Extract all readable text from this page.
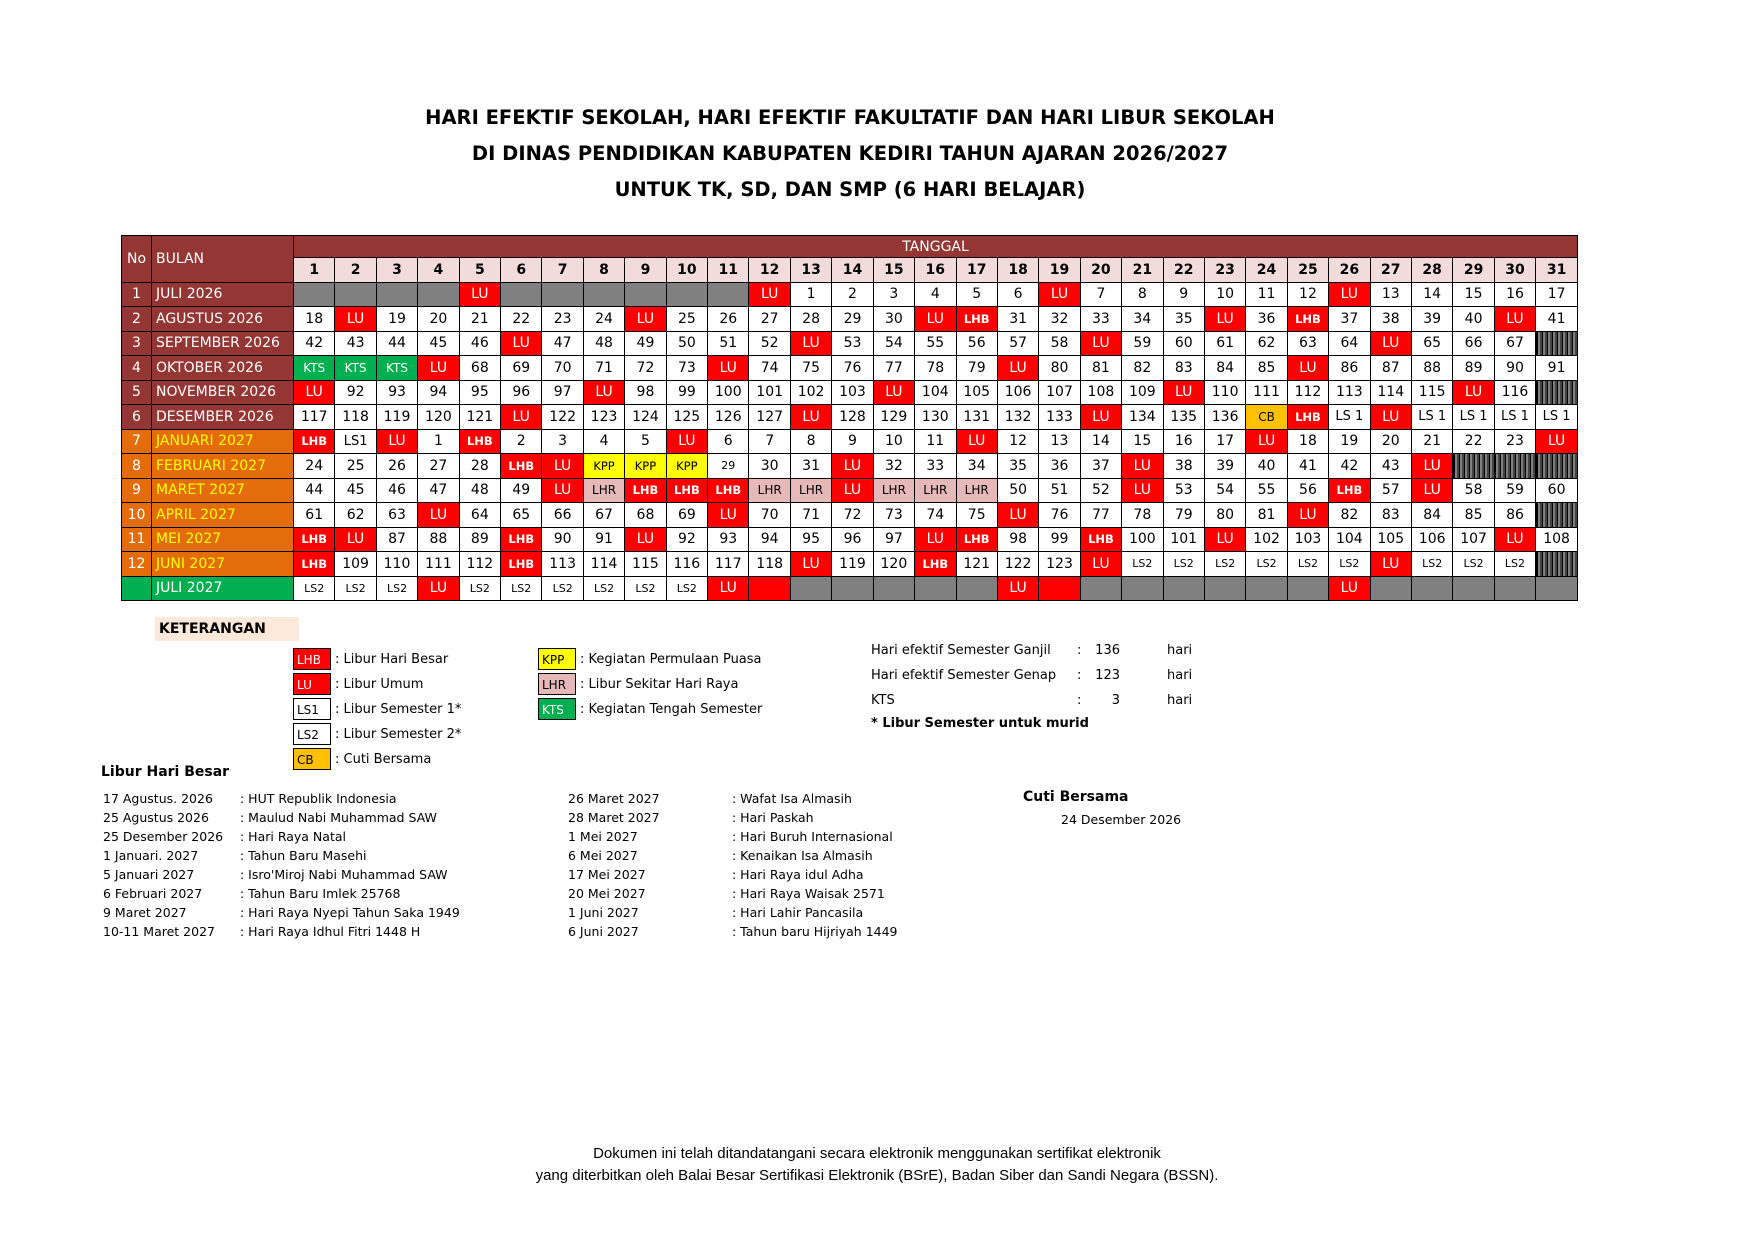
HARI EFEKTIF SEKOLAH, HARI EFEKTIF FAKULTATIF DAN HARI LIBUR SEKOLAH
DI DINAS PENDIDIKAN KABUPATEN KEDIRI TAHUN AJARAN 2026/2027
UNTUK TK, SD, DAN SMP (6 HARI BELAJAR)
No	BULAN	TANGGAL																														
		1	2	3	4	5	6	7	8	9	10	11	12	13	14	15	16	17	18	19	20	21	22	23	24	25	26	27	28	29	30	31
1	JULI 2026					LU							LU	1	2	3	4	5	6	LU	7	8	9	10	11	12	LU	13	14	15	16	17
2	AGUSTUS 2026	18	LU	19	20	21	22	23	24	LU	25	26	27	28	29	30	LU	LHB	31	32	33	34	35	LU	36	LHB	37	38	39	40	LU	41
3	SEPTEMBER 2026	42	43	44	45	46	LU	47	48	49	50	51	52	LU	53	54	55	56	57	58	LU	59	60	61	62	63	64	LU	65	66	67	
4	OKTOBER 2026	KTS	KTS	KTS	LU	68	69	70	71	72	73	LU	74	75	76	77	78	79	LU	80	81	82	83	84	85	LU	86	87	88	89	90	91
5	NOVEMBER 2026	LU	92	93	94	95	96	97	LU	98	99	100	101	102	103	LU	104	105	106	107	108	109	LU	110	111	112	113	114	115	LU	116	
6	DESEMBER 2026	117	118	119	120	121	LU	122	123	124	125	126	127	LU	128	129	130	131	132	133	LU	134	135	136	CB	LHB	LS 1	LU	LS 1	LS 1	LS 1	LS 1
7	JANUARI 2027	LHB	LS1	LU	1	LHB	2	3	4	5	LU	6	7	8	9	10	11	LU	12	13	14	15	16	17	LU	18	19	20	21	22	23	LU
8	FEBRUARI 2027	24	25	26	27	28	LHB	LU	KPP	KPP	KPP	29	30	31	LU	32	33	34	35	36	37	LU	38	39	40	41	42	43	LU			
9	MARET 2027	44	45	46	47	48	49	LU	LHR	LHB	LHB	LHB	LHR	LHR	LU	LHR	LHR	LHR	50	51	52	LU	53	54	55	56	LHB	57	LU	58	59	60
10	APRIL 2027	61	62	63	LU	64	65	66	67	68	69	LU	70	71	72	73	74	75	LU	76	77	78	79	80	81	LU	82	83	84	85	86	
11	MEI 2027	LHB	LU	87	88	89	LHB	90	91	LU	92	93	94	95	96	97	LU	LHB	98	99	LHB	100	101	LU	102	103	104	105	106	107	LU	108
12	JUNI 2027	LHB	109	110	111	112	LHB	113	114	115	116	117	118	LU	119	120	LHB	121	122	123	LU	LS2	LS2	LS2	LS2	LS2	LS2	LU	LS2	LS2	LS2	
	JULI 2027	LS2	LS2	LS2	LU	LS2	LS2	LS2	LS2	LS2	LS2	LU							LU								LU					
KETERANGAN
LHB	: Libur Hari Besar
LU	: Libur Umum
LS1	: Libur Semester 1*
LS2	: Libur Semester 2*
CB	: Cuti Bersama
KPP	: Kegiatan Permulaan Puasa
LHR	: Libur Sekitar Hari Raya
KTS	: Kegiatan Tengah Semester
Hari efektif Semester Ganjil :	136	hari
Hari efektif Semester Genap :	123	hari
KTS	:	3	hari
* Libur Semester untuk murid
Libur Hari Besar
17 Agustus. 2026 : HUT Republik Indonesia
25 Agustus 2026 : Maulud Nabi Muhammad SAW
25 Desember 2026 : Hari Raya Natal
1 Januari. 2027	: Tahun Baru Masehi
5 Januari 2027	: Isro'Miroj Nabi Muhammad SAW
6 Februari 2027	: Tahun Baru Imlek 25768
9 Maret 2027	: Hari Raya Nyepi Tahun Saka 1949
10-11 Maret 2027 : Hari Raya Idhul Fitri 1448 H
26 Maret 2027	: Wafat Isa Almasih
28 Maret 2027	: Hari Paskah
1 Mei 2027	: Hari Buruh Internasional
6 Mei 2027	: Kenaikan Isa Almasih
17 Mei 2027	: Hari Raya idul Adha
20 Mei 2027	: Hari Raya Waisak 2571
1 Juni 2027	: Hari Lahir Pancasila
6 Juni 2027	: Tahun baru Hijriyah 1449
Cuti Bersama
24 Desember 2026
Dokumen ini telah ditandatangani secara elektronik menggunakan sertifikat elektronik
yang diterbitkan oleh Balai Besar Sertifikasi Elektronik (BSrE), Badan Siber dan Sandi Negara (BSSN).
